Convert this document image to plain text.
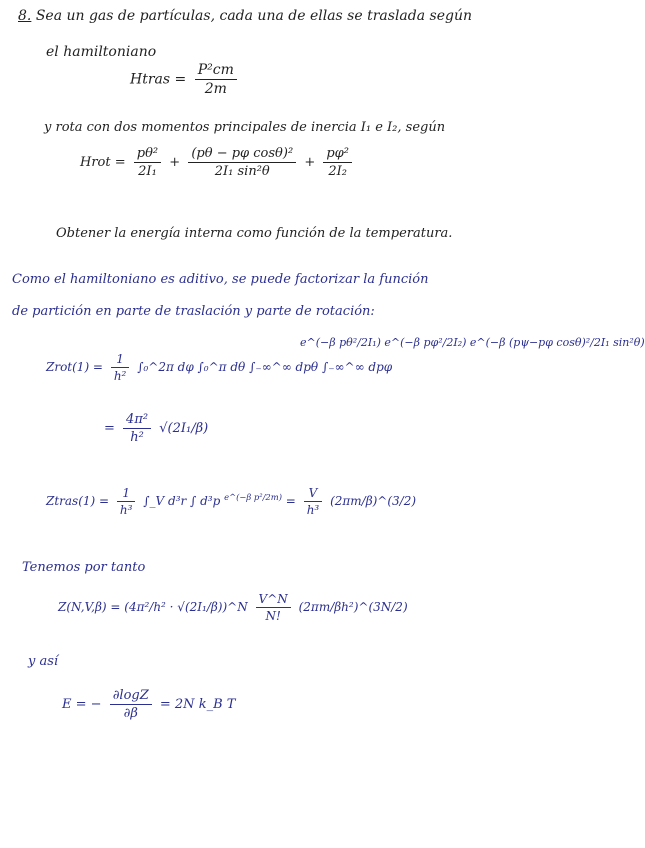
8. Sea un gas de partículas, cada una de ellas se traslada según
el hamiltoniano
Htras = $\frac{\text{P²cm}}{2m}$
y rota con dos momentos principales de inercia I₁ e I₂, según
Hrot = $\frac{\text{pθ²}}{\text{2I₁}} + \frac{\text{(pθ − pφ cosθ)²}}{\text{2I₁ sin²θ}} + \frac{\text{pφ²}}{\text{2I₂}}$
Obtener la energía interna como función de la temperatura.
Como el hamiltoniano es aditivo, se puede factorizar la función
de partición en parte de traslación y parte de rotación:
Zrot(1) = $\frac{1}{\text{h²}}$ ∫₀^2π dφ ∫₀^π dθ ∫₋∞^∞ dpθ ∫₋∞^∞ dpφ
e^(−β pθ²/2I₁) e^(−β pφ²/2I₂) e^(−β (pψ−pφ cosθ)²/2I₁ sin²θ)
= $\frac{\text{4π²}}{\text{h²}} √(2I_1/\beta)$
Ztras(1) = $\frac{1}{\text{h³}}$ ∫_V d³r ∫ d³p $^{e\^{}(-\beta p^2/2m)} = \frac{V}{\text{h³}}$ (2πm/β)^(3/2)
Tenemos por tanto
Z(N,V,β) = (4π²/h² · √(2I₁/β))^N $\frac{V\^{}N}{N!}$ (2πm/βh²)^(3N/2)
y así
E = − $\frac{\partial\log Z}{\partial\beta} = 2N$ k_B T
